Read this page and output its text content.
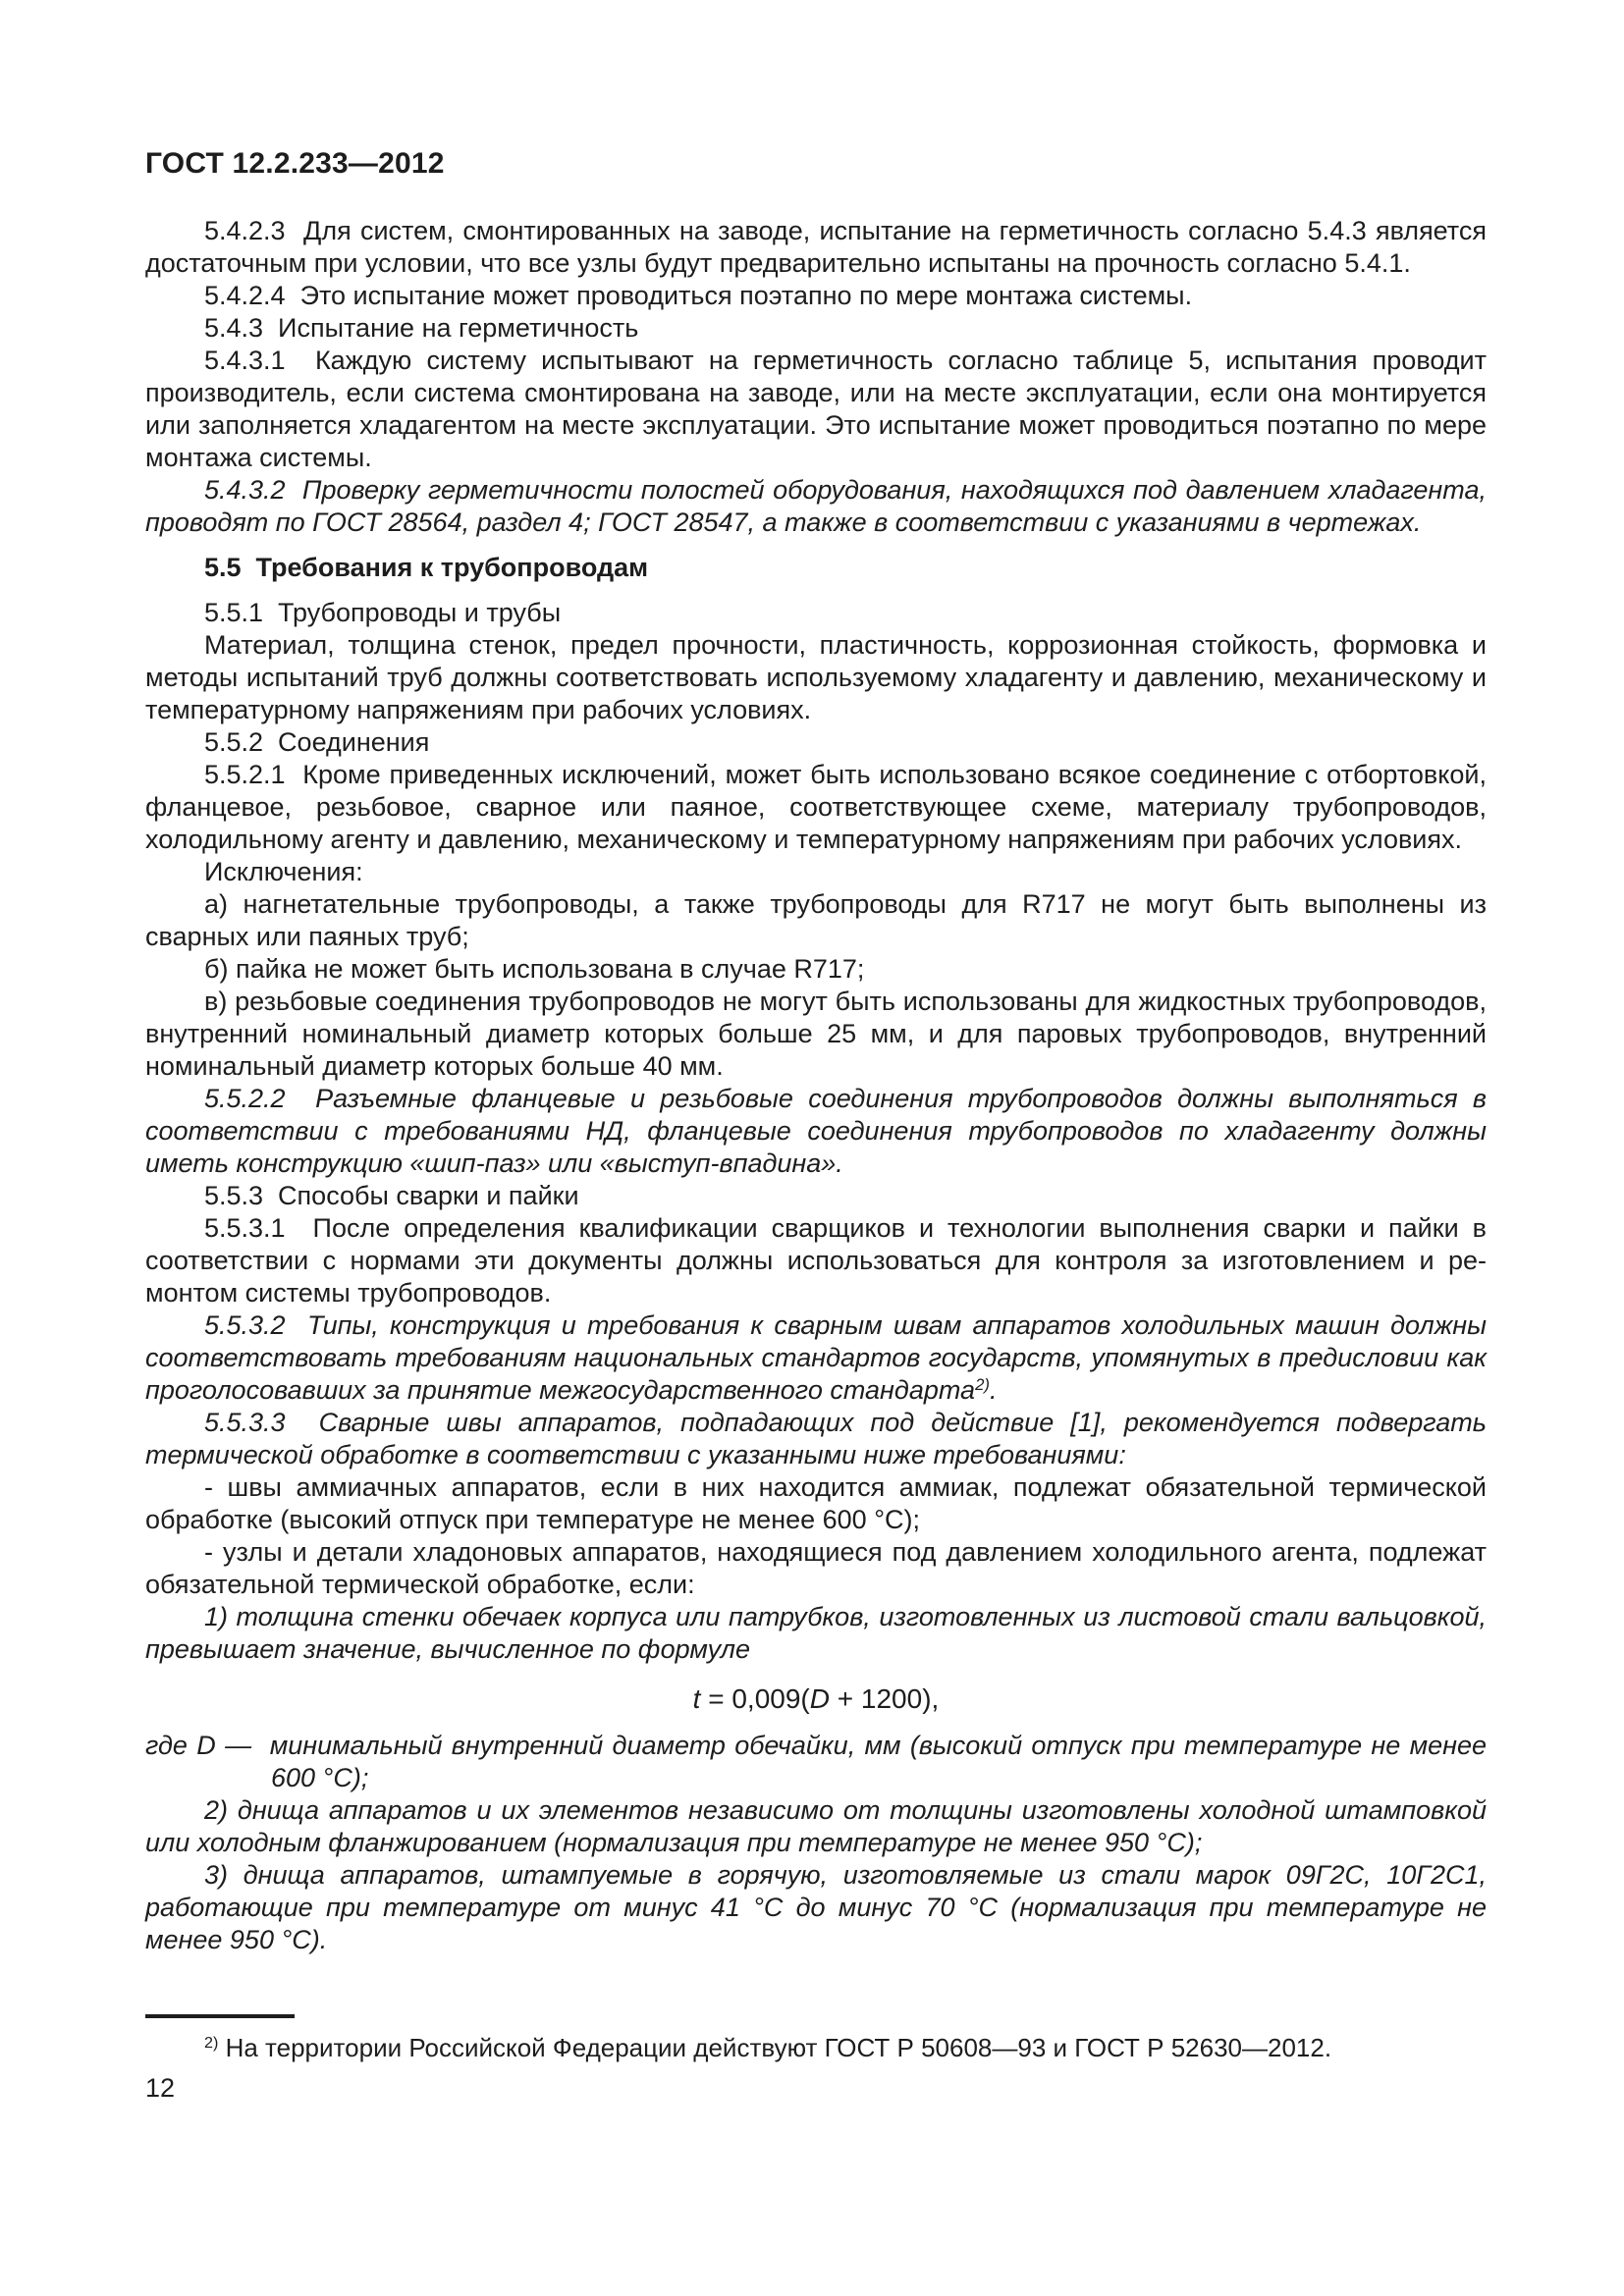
ГОСТ 12.2.233—2012

5.4.2.3  Для систем, смонтированных на заводе, испытание на герметичность согласно 5.4.3 является достаточным при условии, что все узлы будут предварительно испытаны на прочность согласно 5.4.1.

5.4.2.4  Это испытание может проводиться поэтапно по мере монтажа системы.

5.4.3  Испытание на герметичность

5.4.3.1  Каждую систему испытывают на герметичность согласно таблице 5, испытания проводит производитель, если система смонтирована на заводе, или на месте эксплуатации, если она монтируется или заполняется хладагентом на месте эксплуатации. Это испытание может проводиться поэтапно по мере монтажа системы.

5.4.3.2  Проверку герметичности полостей оборудования, находящихся под давлением хладагента, проводят по ГОСТ 28564, раздел 4; ГОСТ 28547, а также в соответствии с указаниями в чертежах.

5.5  Требования к трубопроводам

5.5.1  Трубопроводы и трубы

Материал, толщина стенок, предел прочности, пластичность, коррозионная стойкость, формовка и методы испытаний труб должны соответствовать используемому хладагенту и давлению, механическому и температурному напряжениям при рабочих условиях.

5.5.2  Соединения

5.5.2.1  Кроме приведенных исключений, может быть использовано всякое соединение с отбортовкой, фланцевое, резьбовое, сварное или паяное, соответствующее схеме, материалу трубопроводов, холодильному агенту и давлению, механическому и температурному напряжениям при рабочих условиях.

Исключения:

а) нагнетательные трубопроводы, а также трубопроводы для R717 не могут быть выполнены из сварных или паяных труб;

б) пайка не может быть использована в случае R717;

в) резьбовые соединения трубопроводов не могут быть использованы для жидкостных трубопроводов, внутренний номинальный диаметр которых больше 25 мм, и для паровых трубопроводов, внутренний номинальный диаметр которых больше 40 мм.

5.5.2.2  Разъемные фланцевые и резьбовые соединения трубопроводов должны выполняться в соответствии с требованиями НД, фланцевые соединения трубопроводов по хладагенту должны иметь конструкцию «шип-паз» или «выступ-впадина».

5.5.3  Способы сварки и пайки

5.5.3.1  После определения квалификации сварщиков и технологии выполнения сварки и пайки в соответствии с нормами эти документы должны использоваться для контроля за изготовлением и ремонтом системы трубопроводов.

5.5.3.2  Типы, конструкция и требования к сварным швам аппаратов холодильных машин должны соответствовать требованиям национальных стандартов государств, упомянутых в предисловии как проголосовавших за принятие межгосударственного стандарта$^{2)}$.

5.5.3.3  Сварные швы аппаратов, подпадающих под действие [1], рекомендуется подвергать термической обработке в соответствии с указанными ниже требованиями:

- швы аммиачных аппаратов, если в них находится аммиак, подлежат обязательной термической обработке (высокий отпуск при температуре не менее 600 °C);

- узлы и детали хладоновых аппаратов, находящиеся под давлением холодильного агента, подлежат обязательной термической обработке, если:

1) толщина стенки обечаек корпуса или патрубков, изготовленных из листовой стали вальцовкой, превышает значение, вычисленное по формуле

t = 0,009(D + 1200),

где D —  минимальный внутренний диаметр обечайки, мм (высокий отпуск при температуре не менее 600 °C);

2) днища аппаратов и их элементов независимо от толщины изготовлены холодной штамповкой или холодным фланжированием (нормализация при температуре не менее 950 °C);

3) днища аппаратов, штампуемые в горячую, изготовляемые из стали марок 09Г2С, 10Г2С1, работающие при температуре от минус 41 °C до минус 70 °C (нормализация при температуре не менее 950 °C).

$^{2)}$ На территории Российской Федерации действуют ГОСТ Р 50608—93 и ГОСТ Р 52630—2012.

12
